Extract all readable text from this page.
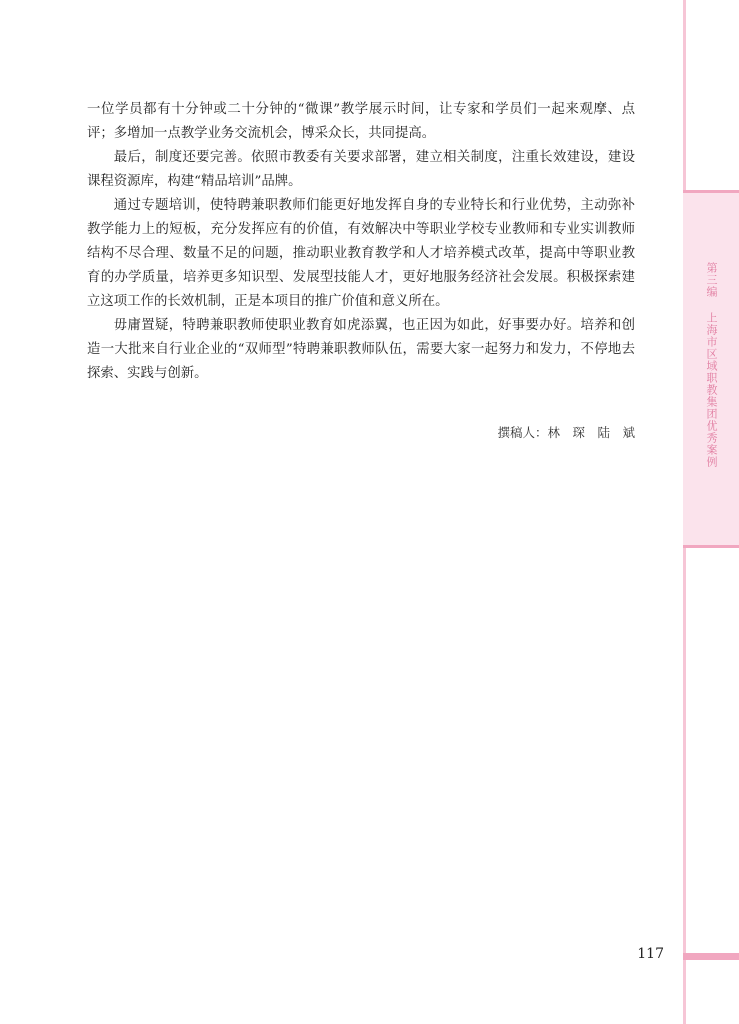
第三编上海市区域职教集团优秀案例

一位学员都有十分钟或二十分钟的“微课”教学展示时间，让专家和学员们一起来观摩、点评；多增加一点教学业务交流机会，博采众长，共同提高。

最后，制度还要完善。依照市教委有关要求部署，建立相关制度，注重长效建设，建设课程资源库，构建“精品培训”品牌。

通过专题培训，使特聘兼职教师们能更好地发挥自身的专业特长和行业优势，主动弥补教学能力上的短板，充分发挥应有的价值，有效解决中等职业学校专业教师和专业实训教师结构不尽合理、数量不足的问题，推动职业教育教学和人才培养模式改革，提高中等职业教育的办学质量，培养更多知识型、发展型技能人才，更好地服务经济社会发展。积极探索建立这项工作的长效机制，正是本项目的推广价值和意义所在。

毋庸置疑，特聘兼职教师使职业教育如虎添翼，也正因为如此，好事要办好。培养和创造一大批来自行业企业的“双师型”特聘兼职教师队伍，需要大家一起努力和发力，不停地去探索、实践与创新。

撰稿人：林　琛　陆　斌
117
